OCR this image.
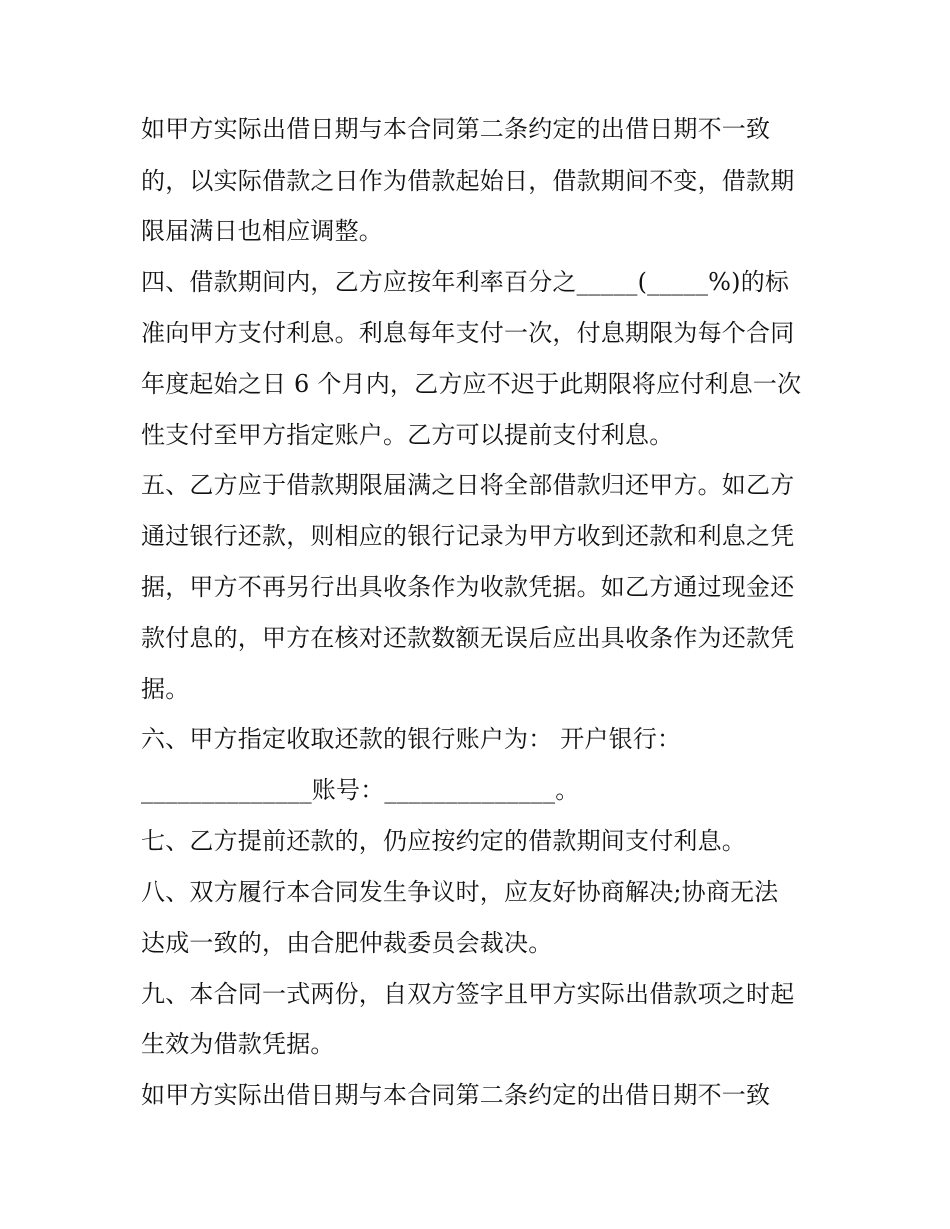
如甲方实际出借日期与本合同第二条约定的出借日期不一致
的，以实际借款之日作为借款起始日，借款期间不变，借款期
限届满日也相应调整。
四、借款期间内，乙方应按年利率百分之_____(_____%)的标
准向甲方支付利息。利息每年支付一次，付息期限为每个合同
年度起始之日 6 个月内，乙方应不迟于此期限将应付利息一次
性支付至甲方指定账户。乙方可以提前支付利息。
五、乙方应于借款期限届满之日将全部借款归还甲方。如乙方
通过银行还款，则相应的银行记录为甲方收到还款和利息之凭
据，甲方不再另行出具收条作为收款凭据。如乙方通过现金还
款付息的，甲方在核对还款数额无误后应出具收条作为还款凭
据。
六、甲方指定收取还款的银行账户为： 开户银行：
______________账号：______________。
七、乙方提前还款的，仍应按约定的借款期间支付利息。
八、双方履行本合同发生争议时，应友好协商解决;协商无法
达成一致的，由合肥仲裁委员会裁决。
九、本合同一式两份，自双方签字且甲方实际出借款项之时起
生效为借款凭据。
如甲方实际出借日期与本合同第二条约定的出借日期不一致
